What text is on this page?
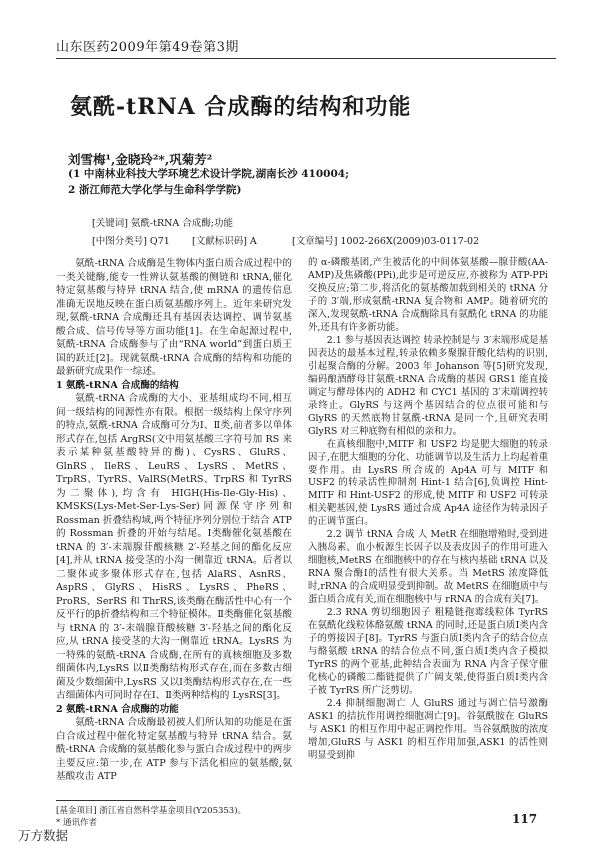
山东医药2009年第49卷第3期
氨酰-tRNA 合成酶的结构和功能
刘雪梅¹,金晓玲²*,巩菊芳²
(1 中南林业科技大学环境艺术设计学院,湖南长沙 410004;
2 浙江师范大学化学与生命科学学院)
[关键词] 氨酰-tRNA 合成酶;功能
[中图分类号] Q71 [文献标识码] A	[文章编号] 1002-266X(2009)03-0117-02

氨酰-tRNA 合成酶是生物体内蛋白质合成过程中的一类关键酶,能专一性辨认氨基酸的侧链和 tRNA,催化特定氨基酸与特异 tRNA 结合,使 mRNA 的遗传信息准确无误地反映在蛋白质氨基酸序列上。近年来研究发现,氨酰-tRNA 合成酶还具有基因表达调控、调节氨基酸合成、信号传导等方面功能[1]。在生命起源过程中,氨酰-tRNA 合成酶参与了由“RNA world”到蛋白质王国的跃迁[2]。现就氨酰-tRNA 合成酶的结构和功能的最新研究成果作一综述。

1 氨酰-tRNA 合成酶的结构

氨酰-tRNA 合成酶的大小、亚基组成均不同,相互间一级结构的同源性亦有限。根据一级结构上保守序列的特点,氨酰-tRNA 合成酶可分为Ⅰ、Ⅱ类,前者多以单体形式存在,包括 ArgRS(文中用氨基酸三字符号加 RS 来表示某种氨基酸特异的酶)、CysRS、GluRS、GlnRS、IleRS、LeuRS、LysRS、MetRS、TrpRS、TyrRS、ValRS(MetRS、TrpRS 和 TyrRS 为二聚体),均含有 HIGH(His-Ile-Gly-His)、KMSKS(Lys-Met-Ser-Lys-Ser)同源保守序列和 Rossman 折叠结构域,两个特征序列分别位于结合 ATP 的 Rossman 折叠的开始与结尾。Ⅰ类酶催化氨基酸在 tRNA 的 3′-末端腺苷酸核糖 2′-羟基之间的酯化反应[4],并从 tRNA 接受茎的小沟一侧靠近 tRNA。后者以二聚体或多聚体形式存在,包括 AlaRS、AsnRS、AspRS、GlyRS、HisRS、LysRS、PheRS、ProRS、SerRS 和 ThrRS,该类酶在酶活性中心有一个反平行的β折叠结构和三个特征模体。Ⅱ类酶催化氨基酸与 tRNA 的 3′-末端腺苷酸核糖 3′-羟基之间的酯化反应,从 tRNA 接受茎的大沟一侧靠近 tRNA。LysRS 为一特殊的氨酰-tRNA 合成酶,在所有的真核细胞及多数细菌体内,LysRS 以Ⅱ类酶结构形式存在,而在多数古细菌及少数细菌中,LysRS 又以Ⅰ类酶结构形式存在,在一些古细菌体内可同时存在Ⅰ、Ⅱ类两种结构的 LysRS[3]。

2 氨酰-tRNA 合成酶的功能

氨酰-tRNA 合成酶最初被人们所认知的功能是在蛋白合成过程中催化特定氨基酸与特异 tRNA 结合。氨酰-tRNA 合成酶的氨基酸化参与蛋白合成过程中的两步主要反应:第一步,在 ATP 参与下活化相应的氨基酸,氨基酸攻击 ATP

的 α-磷酸基团,产生被活化的中间体氨基酸—腺苷酸(AA-AMP)及焦磷酸(PPi),此步是可逆反应,亦被称为 ATP-PPi 交换反应;第二步,将活化的氨基酸加载到相关的 tRNA 分子的 3′端,形成氨酰-tRNA 复合物和 AMP。随着研究的深入,发现氨酰-tRNA 合成酶除具有氨酰化 tRNA 的功能外,还具有许多新功能。

2.1 参与基因表达调控 转录控制是与 3′末端形成是基因表达的最基本过程,转录依赖多聚腺苷酸化结构的识别,引起聚合酶的分解。2003 年 Johanson 等[5]研究发现,编码酿酒酵母甘氨酰-tRNA 合成酶的基因 GRS1 能直接调定与酵母体内的 ADH2 和 CYC1 基因的 3′末端调控转录终止。GlyRS 与这两个基因结合的位点很可能和与 GlyRS 的天然底物甘氨酰-tRNA 是同一个,且研究表明 GlyRS 对三种底物有相似的亲和力。

在真核细胞中,MITF 和 USF2 均是肥大细胞的转录因子,在肥大细胞的分化、功能调节以及生活力上均起着重要作用。由 LysRS 所合成的 Ap4A 可与 MITF 和 USF2 的转录活性抑制剂 Hint-1 结合[6],负调控 Hint-MITF 和 Hint-USF2 的形成,使 MITF 和 USF2 可转录相关靶基因,使 LysRS 通过合成 Ap4A 途径作为转录因子的正调节蛋白。

2.2 调节 tRNA 合成 人 MetR 在细胞增殖时,受到进入胰岛素、血小板源生长因子以及表皮因子的作用可进入细胞核,MetRS 在细胞核中的存在与核内基础 tRNA 以及 RNA 聚合酶Ⅰ的活性有很大关系。当 MetRS 浓度降低时,rRNA 的合成明显受到抑制。故 MetRS 在细胞质中与蛋白质合成有关,而在细胞核中与 rRNA 的合成有关[7]。

2.3 RNA 剪切细胞因子 粗糙链孢霉线粒体 TyrRS 在氨酰化线粒体酪氨酸 tRNA 的同时,还是蛋白质Ⅰ类内含子的剪接因子[8]。TyrRS 与蛋白质Ⅰ类内含子的结合位点与酪氨酸 tRNA 的结合位点不同,蛋白质Ⅰ类内含子模拟 TyrRS 的两个亚基,此种结合表面为 RNA 内含子保守催化核心的磷酸二酯链提供了广阔支架,使得蛋白质Ⅰ类内含子被 TyrRS 所广泛剪切。

2.4 抑制细胞凋亡 人 GluRS 通过与凋亡信号激酶 ASK1 的拮抗作用调控细胞凋亡[9]。谷氨酰胺在 GluRS 与 ASK1 的相互作用中起正调控作用。当谷氨酰胺的浓度增加,GluRS 与 ASK1 的相互作用加强,ASK1 的活性则明显受到抑

[基金项目] 浙江省自然科学基金项目(Y205353)。
* 通讯作者	117
万方数据
